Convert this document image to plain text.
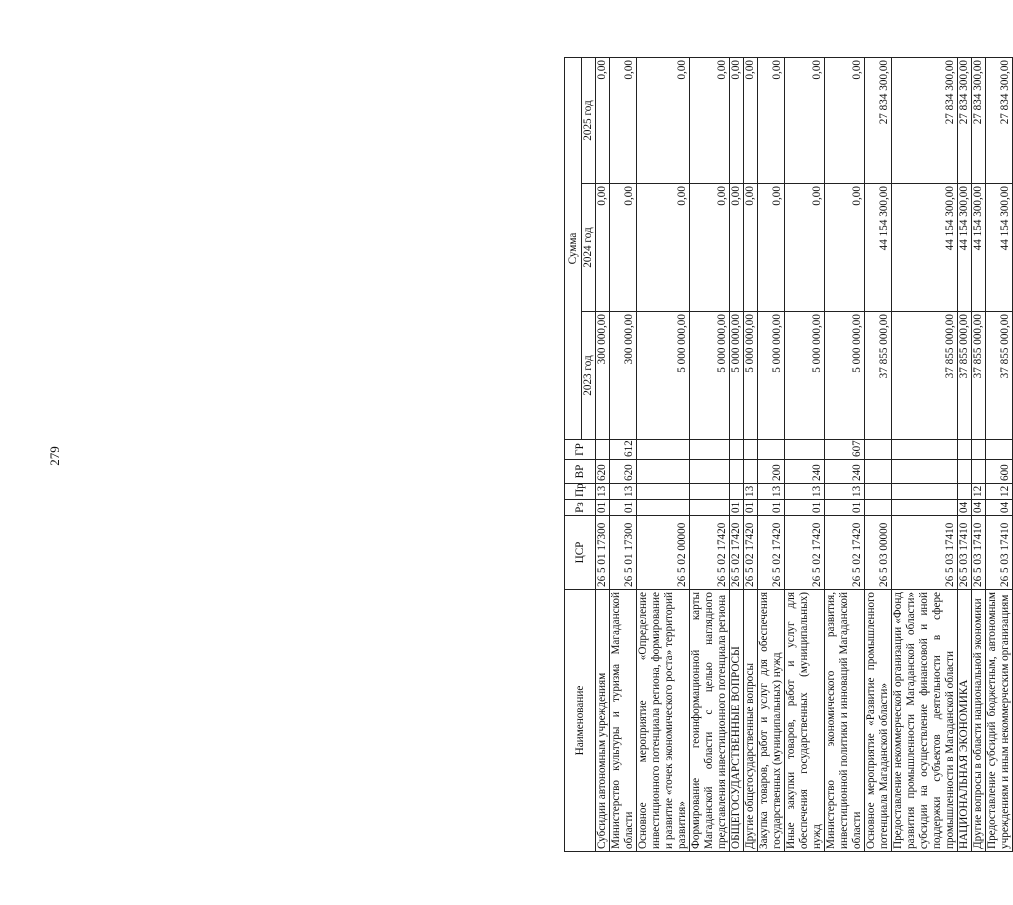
279
Наименование	ЦСР	Рз	Пр	ВР	ГР	Сумма		
						2023 год	2024 год	2025 год
Субсидии автономным учреждениям	26 5 01 17300	01	13	620		300 000,00	0,00	0,00
Министерство культуры и туризма Магаданской области	26 5 01 17300	01	13	620	612	300 000,00	0,00	0,00
Основное мероприятие «Определение инвестиционного потенциала региона, формирование и развитие «точек экономического роста» территорий развития»	26 5 02 00000					5 000 000,00	0,00	0,00
Формирование геоинформационной карты Магаданской области с целью наглядного представления инвестиционного потенциала региона	26 5 02 17420					5 000 000,00	0,00	0,00
ОБЩЕГОСУДАРСТВЕННЫЕ ВОПРОСЫ	26 5 02 17420	01				5 000 000,00	0,00	0,00
Другие общегосударственные вопросы	26 5 02 17420	01	13			5 000 000,00	0,00	0,00
Закупка товаров, работ и услуг для обеспечения государственных (муниципальных) нужд	26 5 02 17420	01	13	200		5 000 000,00	0,00	0,00
Иные закупки товаров, работ и услуг для обеспечения государственных (муниципальных) нужд	26 5 02 17420	01	13	240		5 000 000,00	0,00	0,00
Министерство экономического развития, инвестиционной политики и инноваций Магаданской области	26 5 02 17420	01	13	240	607	5 000 000,00	0,00	0,00
Основное мероприятие «Развитие промышленного потенциала Магаданской области»	26 5 03 00000					37 855 000,00	44 154 300,00	27 834 300,00
Предоставление некоммерческой организации «Фонд развития промышленности Магаданской области» субсидии на осуществление финансовой и иной поддержки субъектов деятельности в сфере промышленности в Магаданской области	26 5 03 17410					37 855 000,00	44 154 300,00	27 834 300,00
НАЦИОНАЛЬНАЯ ЭКОНОМИКА	26 5 03 17410	04				37 855 000,00	44 154 300,00	27 834 300,00
Другие вопросы в области национальной экономики	26 5 03 17410	04	12			37 855 000,00	44 154 300,00	27 834 300,00
Предоставление субсидий бюджетным, автономным учреждениям и иным некоммерческим организациям	26 5 03 17410	04	12	600		37 855 000,00	44 154 300,00	27 834 300,00
